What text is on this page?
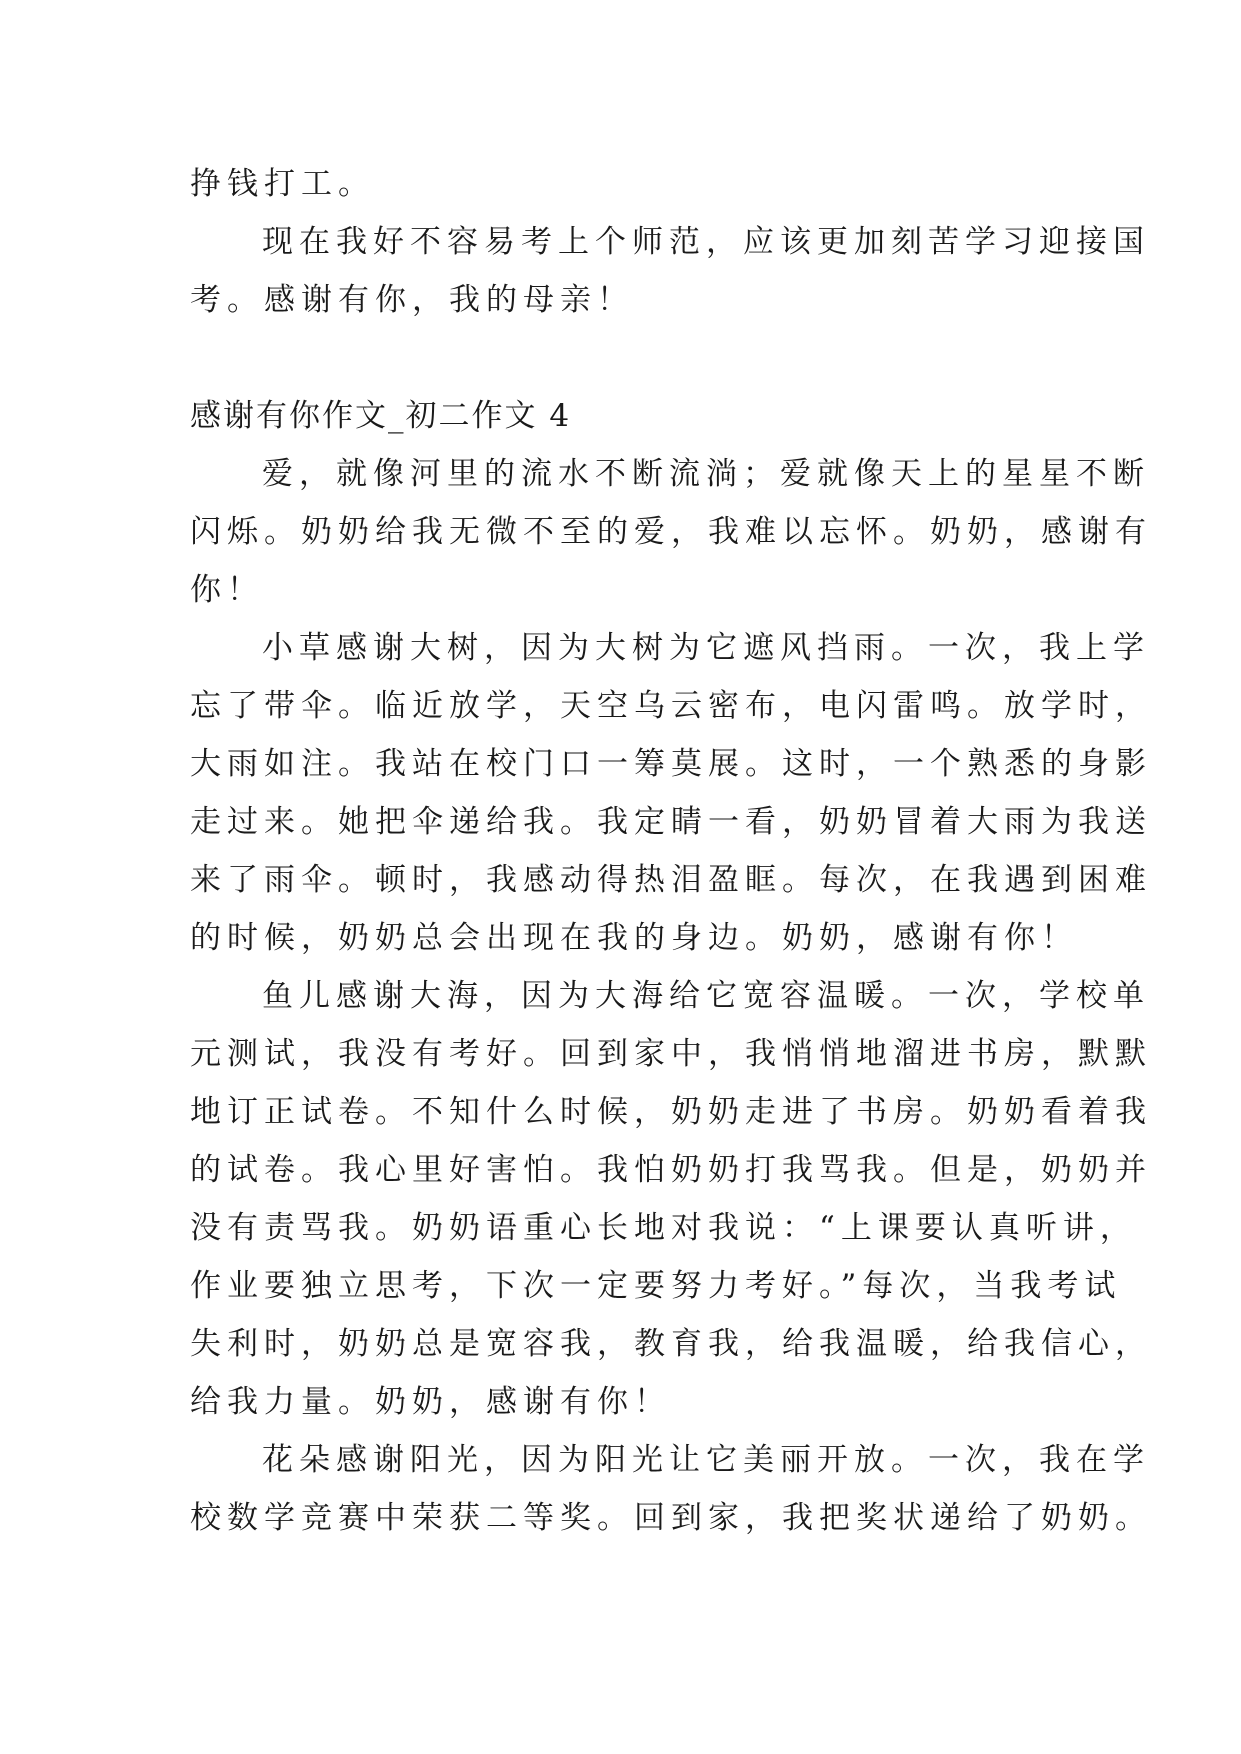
挣钱打工。
现在我好不容易考上个师范，应该更加刻苦学习迎接国
考。感谢有你，我的母亲！
感谢有你作文_初二作文 4
爱，就像河里的流水不断流淌；爱就像天上的星星不断
闪烁。奶奶给我无微不至的爱，我难以忘怀。奶奶，感谢有
你！
小草感谢大树，因为大树为它遮风挡雨。一次，我上学
忘了带伞。临近放学，天空乌云密布，电闪雷鸣。放学时，
大雨如注。我站在校门口一筹莫展。这时，一个熟悉的身影
走过来。她把伞递给我。我定睛一看，奶奶冒着大雨为我送
来了雨伞。顿时，我感动得热泪盈眶。每次，在我遇到困难
的时候，奶奶总会出现在我的身边。奶奶，感谢有你！
鱼儿感谢大海，因为大海给它宽容温暖。一次，学校单
元测试，我没有考好。回到家中，我悄悄地溜进书房，默默
地订正试卷。不知什么时候，奶奶走进了书房。奶奶看着我
的试卷。我心里好害怕。我怕奶奶打我骂我。但是，奶奶并
没有责骂我。奶奶语重心长地对我说：“上课要认真听讲，
作业要独立思考，下次一定要努力考好。”每次，当我考试
失利时，奶奶总是宽容我，教育我，给我温暖，给我信心，
给我力量。奶奶，感谢有你！
花朵感谢阳光，因为阳光让它美丽开放。一次，我在学
校数学竞赛中荣获二等奖。回到家，我把奖状递给了奶奶。
